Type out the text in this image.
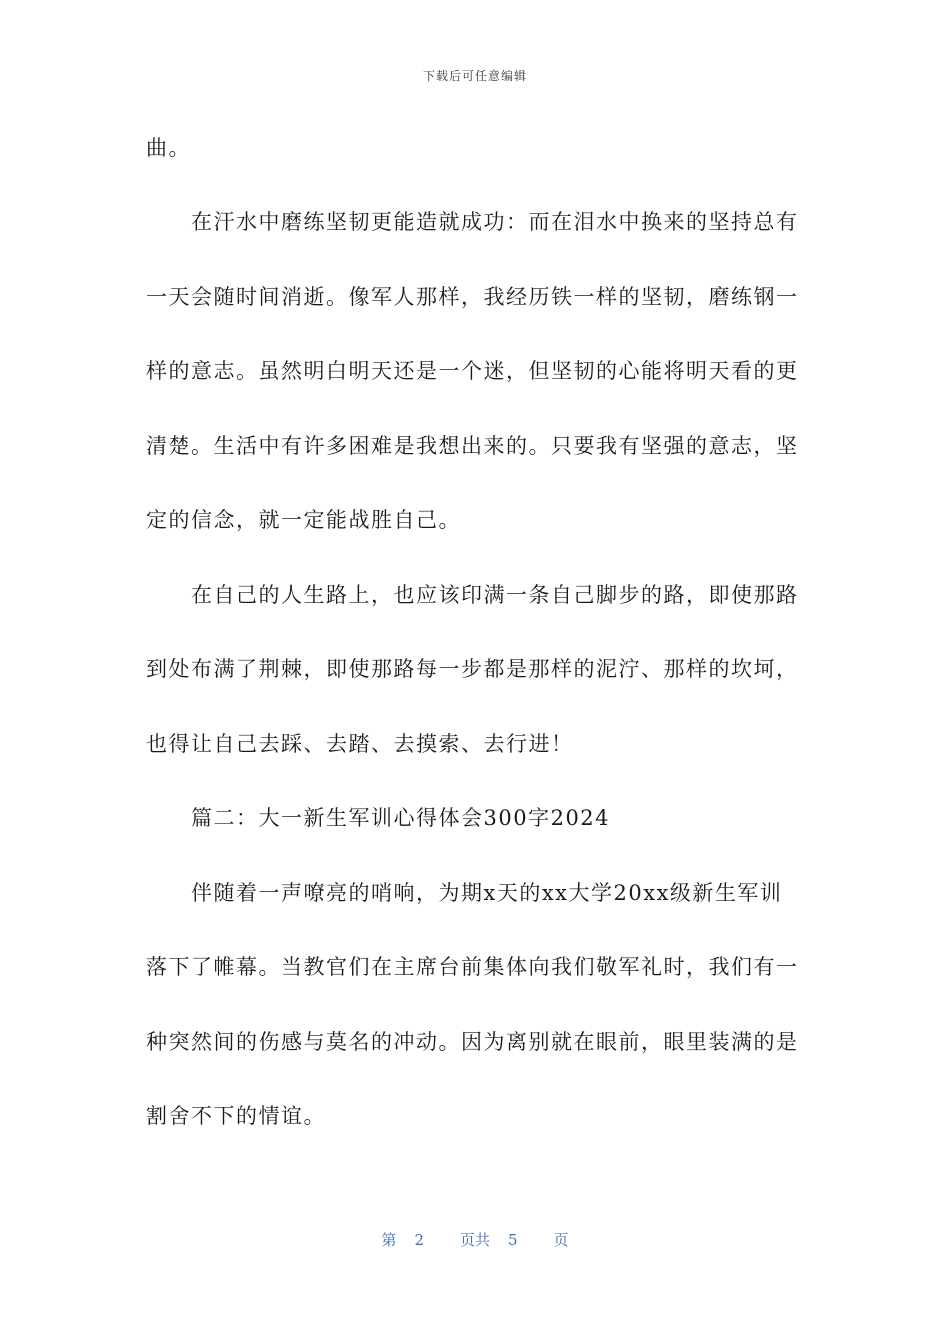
下载后可任意编辑
曲。
　　在汗水中磨练坚韧更能造就成功：而在泪水中换来的坚持总有
一天会随时间消逝。像军人那样，我经历铁一样的坚韧，磨练钢一
样的意志。虽然明白明天还是一个迷，但坚韧的心能将明天看的更
清楚。生活中有许多困难是我想出来的。只要我有坚强的意志，坚
定的信念，就一定能战胜自己。
　　在自己的人生路上，也应该印满一条自己脚步的路，即使那路
到处布满了荆棘，即使那路每一步都是那样的泥泞、那样的坎坷，
也得让自己去踩、去踏、去摸索、去行进！
　　篇二：大一新生军训心得体会300字2024
　　伴随着一声嘹亮的哨响，为期x天的xx大学20xx级新生军训
落下了帷幕。当教官们在主席台前集体向我们敬军礼时，我们有一
种突然间的伤感与莫名的冲动。因为离别就在眼前，眼里装满的是
割舍不下的情谊。
第 2 页共 5 页
